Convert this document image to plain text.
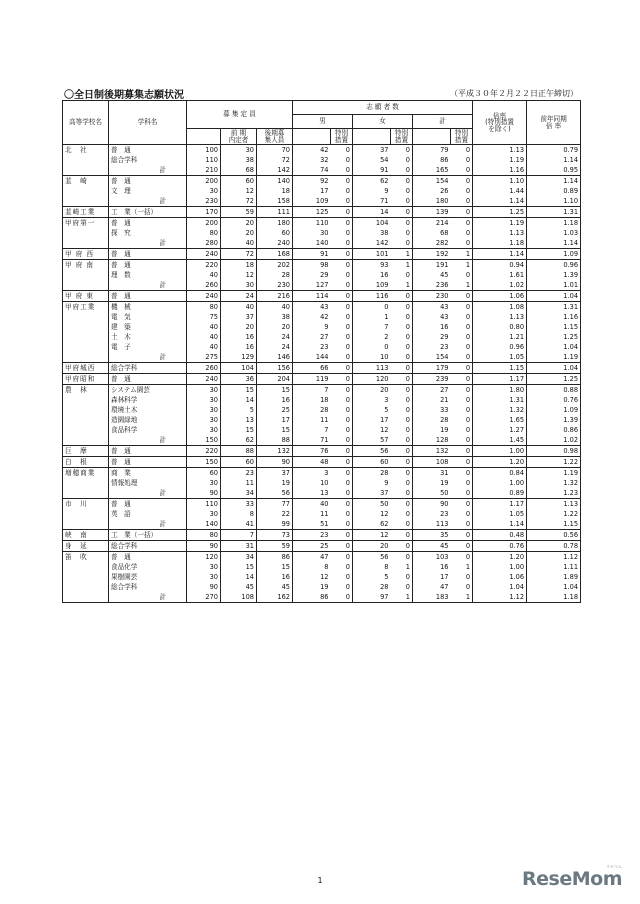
〇全日制後期募集志願状況	（平成３０年２月２２日正午締切）
高等学校名	学科名	募 集 定 員			志 願 者 数						倍率
(特別措置
を除く)	前年同期
倍 率
					男		女		計			
			前 期
内定者	後期募
集人員		特別
措置		特別
措置		特別
措置		
北　社	普　通	100	30	70	42	0	37	0	79	0	1.13	0.79
	総合学科	110	38	72	32	0	54	0	86	0	1.19	1.14
	計	210	68	142	74	0	91	0	165	0	1.16	0.95
韮　崎	普　通	200	60	140	92	0	62	0	154	0	1.10	1.14
	文　理	30	12	18	17	0	9	0	26	0	1.44	0.89
	計	230	72	158	109	0	71	0	180	0	1.14	1.10
韮崎工業	工　業（一括）	170	59	111	125	0	14	0	139	0	1.25	1.31
甲府第一	普　通	200	20	180	110	0	104	0	214	0	1.19	1.18
	探　究	80	20	60	30	0	38	0	68	0	1.13	1.03
	計	280	40	240	140	0	142	0	282	0	1.18	1.14
甲 府 西	普　通	240	72	168	91	0	101	1	192	1	1.14	1.09
甲 府 南	普　通	220	18	202	98	0	93	1	191	1	0.94	0.96
	理　数	40	12	28	29	0	16	0	45	0	1.61	1.39
	計	260	30	230	127	0	109	1	236	1	1.02	1.01
甲 府 東	普　通	240	24	216	114	0	116	0	230	0	1.06	1.04
甲府工業	機　械	80	40	40	43	0	0	0	43	0	1.08	1.31
	電　気	75	37	38	42	0	1	0	43	0	1.13	1.16
	建　築	40	20	20	9	0	7	0	16	0	0.80	1.15
	土　木	40	16	24	27	0	2	0	29	0	1.21	1.25
	電　子	40	16	24	23	0	0	0	23	0	0.96	1.04
	計	275	129	146	144	0	10	0	154	0	1.05	1.19
甲府城西	総合学科	260	104	156	66	0	113	0	179	0	1.15	1.04
甲府昭和	普　通	240	36	204	119	0	120	0	239	0	1.17	1.25
農　林	システム園芸	30	15	15	7	0	20	0	27	0	1.80	0.88
	森林科学	30	14	16	18	0	3	0	21	0	1.31	0.76
	環境土木	30	5	25	28	0	5	0	33	0	1.32	1.09
	造園緑地	30	13	17	11	0	17	0	28	0	1.65	1.39
	食品科学	30	15	15	7	0	12	0	19	0	1.27	0.86
	計	150	62	88	71	0	57	0	128	0	1.45	1.02
巨　摩	普　通	220	88	132	76	0	56	0	132	0	1.00	0.98
白　根	普　通	150	60	90	48	0	60	0	108	0	1.20	1.22
増穂商業	商　業	60	23	37	3	0	28	0	31	0	0.84	1.19
	情報処理	30	11	19	10	0	9	0	19	0	1.00	1.32
	計	90	34	56	13	0	37	0	50	0	0.89	1.23
市　川	普　通	110	33	77	40	0	50	0	90	0	1.17	1.13
	英　語	30	8	22	11	0	12	0	23	0	1.05	1.22
	計	140	41	99	51	0	62	0	113	0	1.14	1.15
峡　南	工　業（一括）	80	7	73	23	0	12	0	35	0	0.48	0.56
身　延	総合学科	90	31	59	25	0	20	0	45	0	0.76	0.78
笛　吹	普　通	120	34	86	47	0	56	0	103	0	1.20	1.12
	食品化学	30	15	15	8	0	8	1	16	1	1.00	1.11
	果樹園芸	30	14	16	12	0	5	0	17	0	1.06	1.89
	総合学科	90	45	45	19	0	28	0	47	0	1.04	1.04
	計	270	108	162	86	0	97	1	183	1	1.12	1.18
1
リセマム
ReseMom
